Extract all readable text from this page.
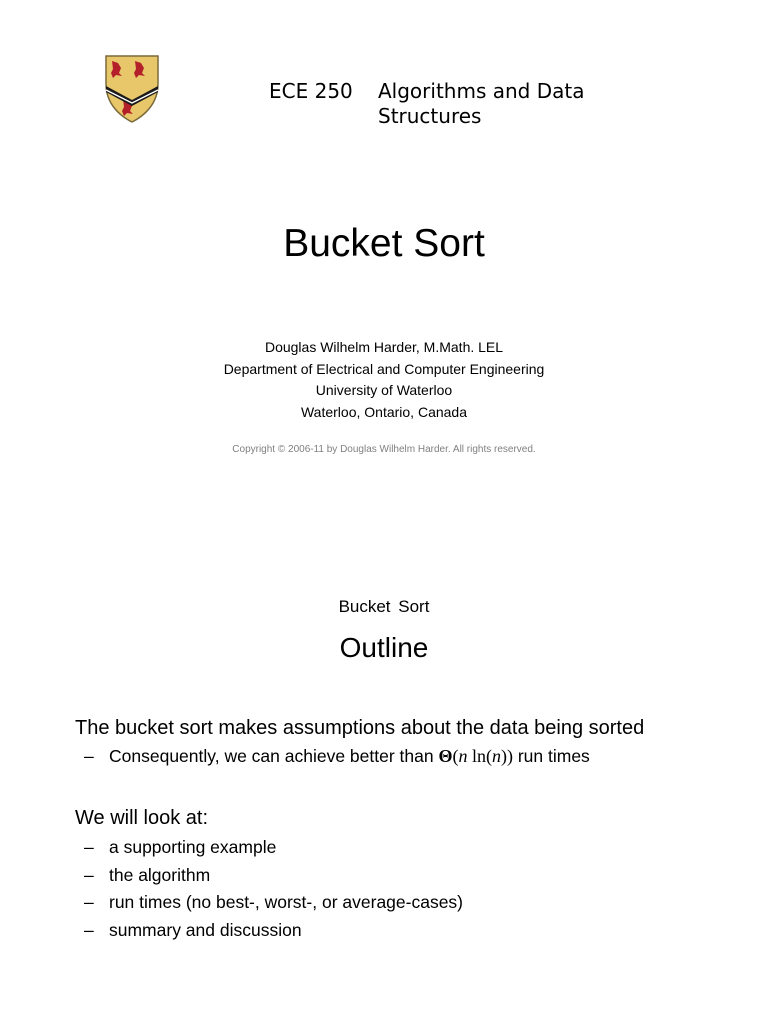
ECE 250 Algorithms and Data Structures
Bucket Sort
Douglas Wilhelm Harder, M.Math. LEL
Department of Electrical and Computer Engineering
University of Waterloo
Waterloo, Ontario, Canada
Copyright © 2006-11 by Douglas Wilhelm Harder. All rights reserved.
Bucket Sort
Outline
The bucket sort makes assumptions about the data being sorted
– Consequently, we can achieve better than Θ(n ln(n)) run times
We will look at:
– a supporting example
– the algorithm
– run times (no best-, worst-, or average-cases)
– summary and discussion
